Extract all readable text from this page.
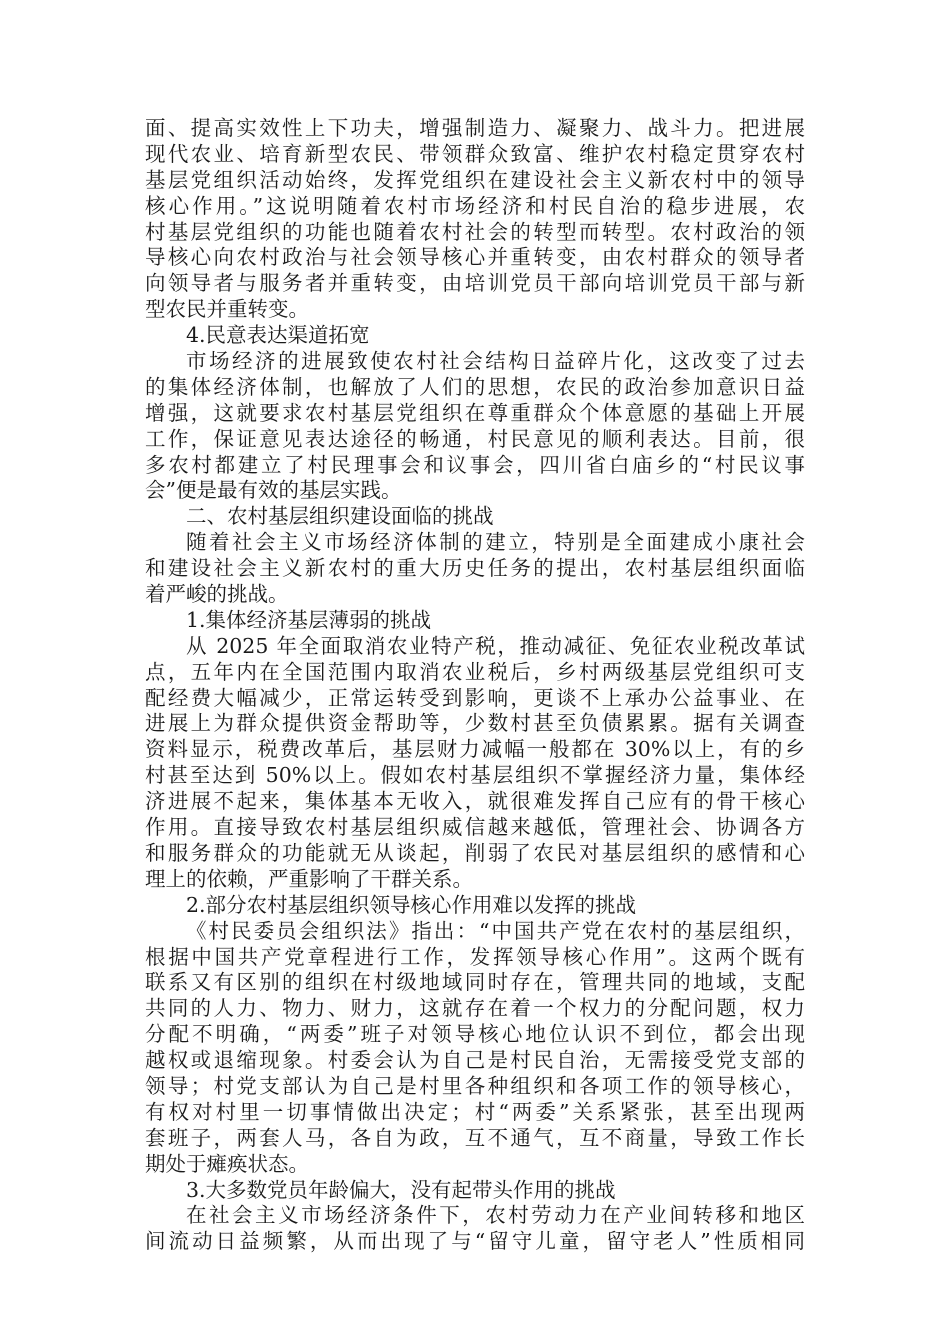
面、提高实效性上下功夫，增强制造力、凝聚力、战斗力。把进展
现代农业、培育新型农民、带领群众致富、维护农村稳定贯穿农村
基层党组织活动始终，发挥党组织在建设社会主义新农村中的领导
核心作用。”这说明随着农村市场经济和村民自治的稳步进展，农
村基层党组织的功能也随着农村社会的转型而转型。农村政治的领
导核心向农村政治与社会领导核心并重转变，由农村群众的领导者
向领导者与服务者并重转变，由培训党员干部向培训党员干部与新
型农民并重转变。
4.民意表达渠道拓宽
市场经济的进展致使农村社会结构日益碎片化，这改变了过去
的集体经济体制，也解放了人们的思想，农民的政治参加意识日益
增强，这就要求农村基层党组织在尊重群众个体意愿的基础上开展
工作，保证意见表达途径的畅通，村民意见的顺利表达。目前，很
多农村都建立了村民理事会和议事会，四川省白庙乡的“村民议事
会”便是最有效的基层实践。
二、农村基层组织建设面临的挑战
随着社会主义市场经济体制的建立，特别是全面建成小康社会
和建设社会主义新农村的重大历史任务的提出，农村基层组织面临
着严峻的挑战。
1.集体经济基层薄弱的挑战
从 2025 年全面取消农业特产税，推动减征、免征农业税改革试
点，五年内在全国范围内取消农业税后，乡村两级基层党组织可支
配经费大幅减少，正常运转受到影响，更谈不上承办公益事业、在
进展上为群众提供资金帮助等，少数村甚至负债累累。据有关调查
资料显示，税费改革后，基层财力减幅一般都在 30%以上，有的乡
村甚至达到 50%以上。假如农村基层组织不掌握经济力量，集体经
济进展不起来，集体基本无收入，就很难发挥自己应有的骨干核心
作用。直接导致农村基层组织威信越来越低，管理社会、协调各方
和服务群众的功能就无从谈起，削弱了农民对基层组织的感情和心
理上的依赖，严重影响了干群关系。
2.部分农村基层组织领导核心作用难以发挥的挑战
《村民委员会组织法》指出：“中国共产党在农村的基层组织，
根据中国共产党章程进行工作，发挥领导核心作用”。这两个既有
联系又有区别的组织在村级地域同时存在，管理共同的地域，支配
共同的人力、物力、财力，这就存在着一个权力的分配问题，权力
分配不明确，“两委”班子对领导核心地位认识不到位，都会出现
越权或退缩现象。村委会认为自己是村民自治，无需接受党支部的
领导；村党支部认为自己是村里各种组织和各项工作的领导核心，
有权对村里一切事情做出决定；村“两委”关系紧张，甚至出现两
套班子，两套人马，各自为政，互不通气，互不商量，导致工作长
期处于瘫痪状态。
3.大多数党员年龄偏大，没有起带头作用的挑战
在社会主义市场经济条件下，农村劳动力在产业间转移和地区
间流动日益频繁，从而出现了与“留守儿童，留守老人”性质相同
